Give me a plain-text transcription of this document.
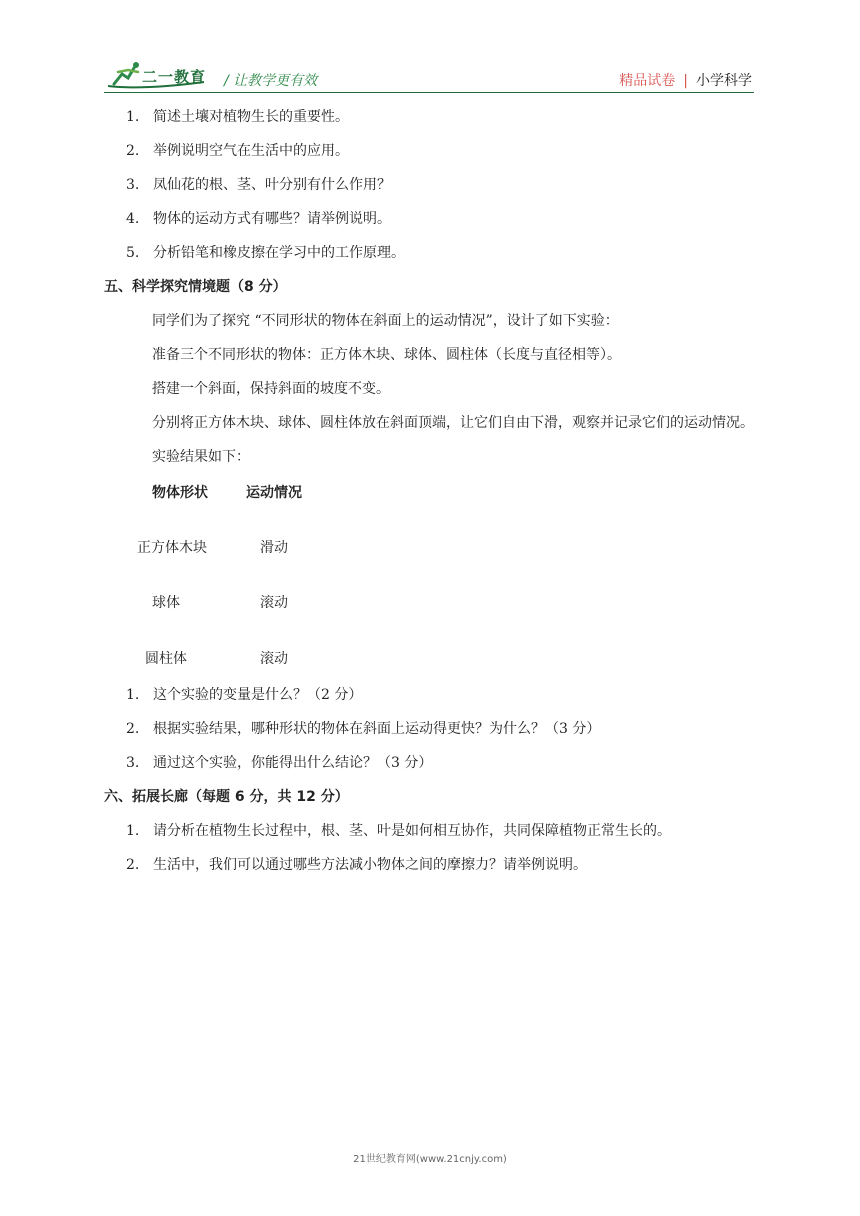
二一教育 / 让教学更有效	精品试卷 | 小学科学
1. 简述土壤对植物生长的重要性。
2. 举例说明空气在生活中的应用。
3. 凤仙花的根、茎、叶分别有什么作用？
4. 物体的运动方式有哪些？请举例说明。
5. 分析铅笔和橡皮擦在学习中的工作原理。
五、科学探究情境题（8 分）

同学们为了探究 “不同形状的物体在斜面上的运动情况”，设计了如下实验：

准备三个不同形状的物体：正方体木块、球体、圆柱体（长度与直径相等）。

搭建一个斜面，保持斜面的坡度不变。

分别将正方体木块、球体、圆柱体放在斜面顶端，让它们自由下滑，观察并记录它们的运动情况。

实验结果如下：

物体形状	运动情况
正方体木块	滑动
球体	滚动
圆柱体	滚动
1. 这个实验的变量是什么？（2 分）
2. 根据实验结果，哪种形状的物体在斜面上运动得更快？为什么？（3 分）
3. 通过这个实验，你能得出什么结论？（3 分）
六、拓展长廊（每题 6 分，共 12 分）
1. 请分析在植物生长过程中，根、茎、叶是如何相互协作，共同保障植物正常生长的。
2. 生活中，我们可以通过哪些方法减小物体之间的摩擦力？请举例说明。
21世纪教育网(www.21cnjy.com)
